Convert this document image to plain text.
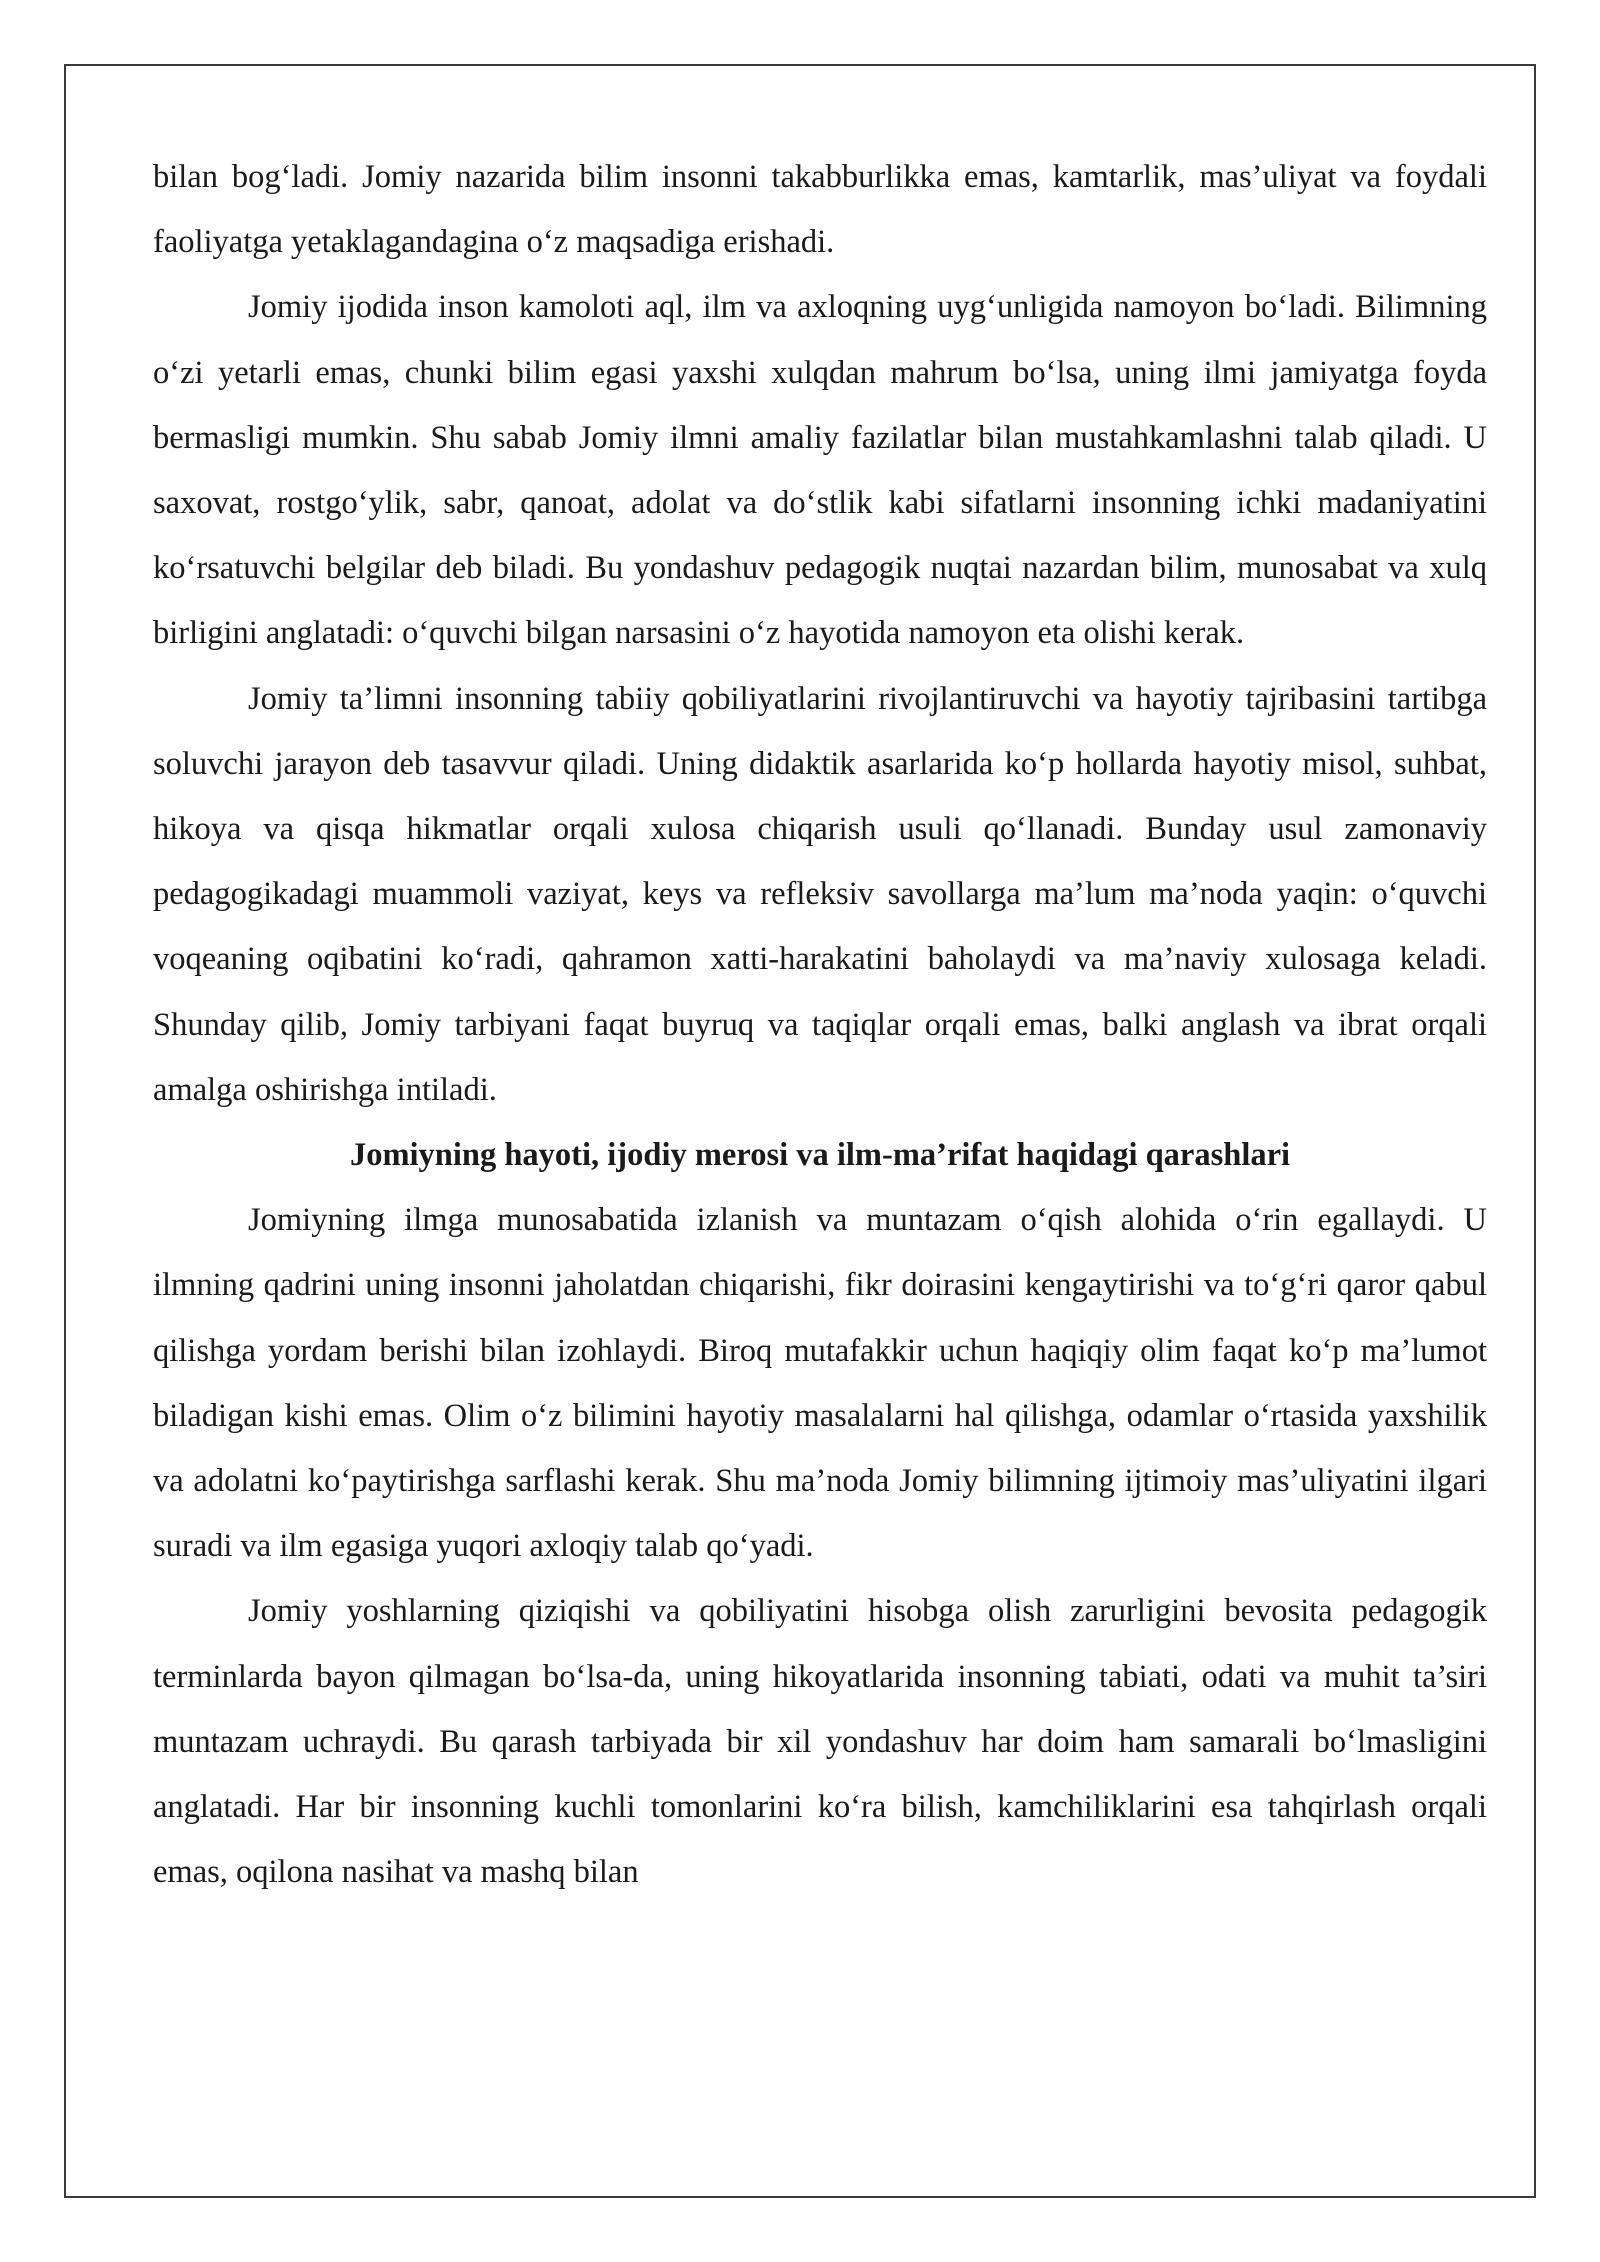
bilan bog‘ladi. Jomiy nazarida bilim insonni takabburlikka emas, kamtarlik, mas’uliyat va foydali faoliyatga yetaklagandagina o‘z maqsadiga erishadi.

Jomiy ijodida inson kamoloti aql, ilm va axloqning uyg‘unligida namoyon bo‘ladi. Bilimning o‘zi yetarli emas, chunki bilim egasi yaxshi xulqdan mahrum bo‘lsa, uning ilmi jamiyatga foyda bermasligi mumkin. Shu sabab Jomiy ilmni amaliy fazilatlar bilan mustahkamlashni talab qiladi. U saxovat, rostgo‘ylik, sabr, qanoat, adolat va do‘stlik kabi sifatlarni insonning ichki madaniyatini ko‘rsatuvchi belgilar deb biladi. Bu yondashuv pedagogik nuqtai nazardan bilim, munosabat va xulq birligini anglatadi: o‘quvchi bilgan narsasini o‘z hayotida namoyon eta olishi kerak.

Jomiy ta’limni insonning tabiiy qobiliyatlarini rivojlantiruvchi va hayotiy tajribasini tartibga soluvchi jarayon deb tasavvur qiladi. Uning didaktik asarlarida ko‘p hollarda hayotiy misol, suhbat, hikoya va qisqa hikmatlar orqali xulosa chiqarish usuli qo‘llanadi. Bunday usul zamonaviy pedagogikadagi muammoli vaziyat, keys va refleksiv savollarga ma’lum ma’noda yaqin: o‘quvchi voqeaning oqibatini ko‘radi, qahramon xatti-harakatini baholaydi va ma’naviy xulosaga keladi. Shunday qilib, Jomiy tarbiyani faqat buyruq va taqiqlar orqali emas, balki anglash va ibrat orqali amalga oshirishga intiladi.

Jomiyning hayoti, ijodiy merosi va ilm-ma’rifat haqidagi qarashlari

Jomiyning ilmga munosabatida izlanish va muntazam o‘qish alohida o‘rin egallaydi. U ilmning qadrini uning insonni jaholatdan chiqarishi, fikr doirasini kengaytirishi va to‘g‘ri qaror qabul qilishga yordam berishi bilan izohlaydi. Biroq mutafakkir uchun haqiqiy olim faqat ko‘p ma’lumot biladigan kishi emas. Olim o‘z bilimini hayotiy masalalarni hal qilishga, odamlar o‘rtasida yaxshilik va adolatni ko‘paytirishga sarflashi kerak. Shu ma’noda Jomiy bilimning ijtimoiy mas’uliyatini ilgari suradi va ilm egasiga yuqori axloqiy talab qo‘yadi.

Jomiy yoshlarning qiziqishi va qobiliyatini hisobga olish zarurligini bevosita pedagogik terminlarda bayon qilmagan bo‘lsa-da, uning hikoyatlarida insonning tabiati, odati va muhit ta’siri muntazam uchraydi. Bu qarash tarbiyada bir xil yondashuv har doim ham samarali bo‘lmasligini anglatadi. Har bir insonning kuchli tomonlarini ko‘ra bilish, kamchiliklarini esa tahqirlash orqali emas, oqilona nasihat va mashq bilan
